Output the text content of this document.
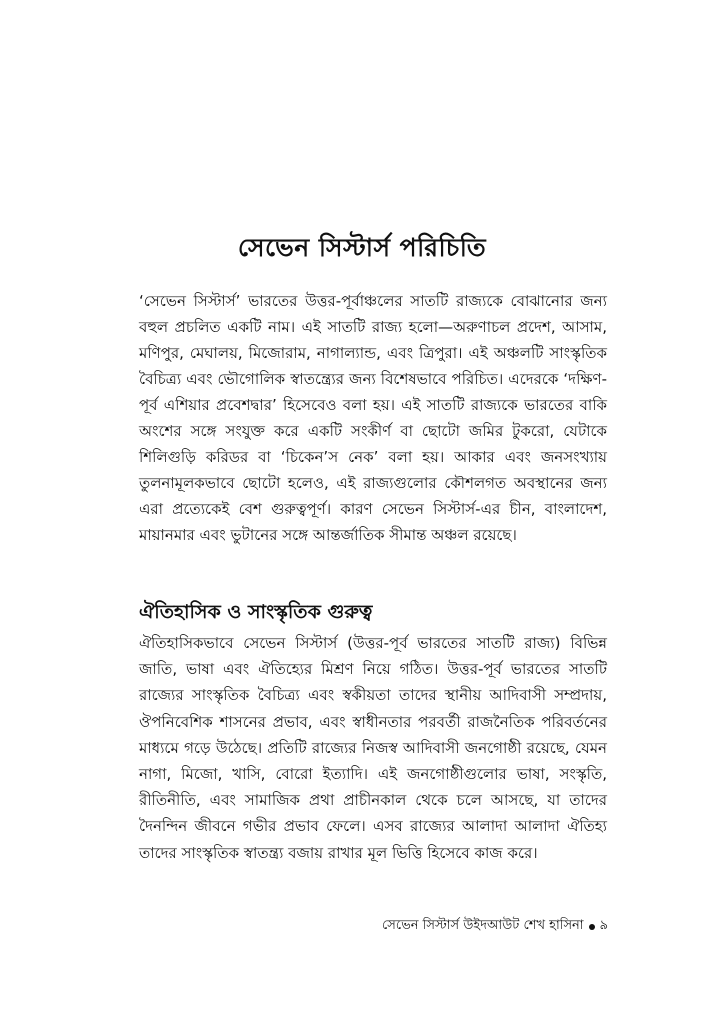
সেভেন সিস্টার্স পরিচিতি

‘সেভেন সিস্টার্স’ ভারতের উত্তর-পূর্বাঞ্চলের সাতটি রাজ্যকে বোঝানোর জন্য বহুল প্রচলিত একটি নাম। এই সাতটি রাজ্য হলো—অরুণাচল প্রদেশ, আসাম, মণিপুর, মেঘালয়, মিজোরাম, নাগাল্যান্ড, এবং ত্রিপুরা। এই অঞ্চলটি সাংস্কৃতিক বৈচিত্র্য এবং ভৌগোলিক স্বাতন্ত্র্যের জন্য বিশেষভাবে পরিচিত। এদেরকে ‘দক্ষিণ-পূর্ব এশিয়ার প্রবেশদ্বার’ হিসেবেও বলা হয়। এই সাতটি রাজ্যকে ভারতের বাকি অংশের সঙ্গে সংযুক্ত করে একটি সংকীর্ণ বা ছোটো জমির টুকরো, যেটাকে শিলিগুড়ি করিডর বা ‘চিকেন’স নেক’ বলা হয়। আকার এবং জনসংখ্যায় তুলনামূলকভাবে ছোটো হলেও, এই রাজ্যগুলোর কৌশলগত অবস্থানের জন্য এরা প্রত্যেকেই বেশ গুরুত্বপূর্ণ। কারণ সেভেন সিস্টার্স-এর চীন, বাংলাদেশ, মায়ানমার এবং ভুটানের সঙ্গে আন্তর্জাতিক সীমান্ত অঞ্চল রয়েছে।

ঐতিহাসিক ও সাংস্কৃতিক গুরুত্ব

ঐতিহাসিকভাবে সেভেন সিস্টার্স (উত্তর-পূর্ব ভারতের সাতটি রাজ্য) বিভিন্ন জাতি, ভাষা এবং ঐতিহ্যের মিশ্রণ নিয়ে গঠিত। উত্তর-পূর্ব ভারতের সাতটি রাজ্যের সাংস্কৃতিক বৈচিত্র্য এবং স্বকীয়তা তাদের স্থানীয় আদিবাসী সম্প্রদায়, ঔপনিবেশিক শাসনের প্রভাব, এবং স্বাধীনতার পরবর্তী রাজনৈতিক পরিবর্তনের মাধ্যমে গড়ে উঠেছে। প্রতিটি রাজ্যের নিজস্ব আদিবাসী জনগোষ্ঠী রয়েছে, যেমন নাগা, মিজো, খাসি, বোরো ইত্যাদি। এই জনগোষ্ঠীগুলোর ভাষা, সংস্কৃতি, রীতিনীতি, এবং সামাজিক প্রথা প্রাচীনকাল থেকে চলে আসছে, যা তাদের দৈনন্দিন জীবনে গভীর প্রভাব ফেলে। এসব রাজ্যের আলাদা আলাদা ঐতিহ্য তাদের সাংস্কৃতিক স্বাতন্ত্র্য বজায় রাখার মূল ভিত্তি হিসেবে কাজ করে।

সেভেন সিস্টার্স উইদআউট শেখ হাসিনা ৯
